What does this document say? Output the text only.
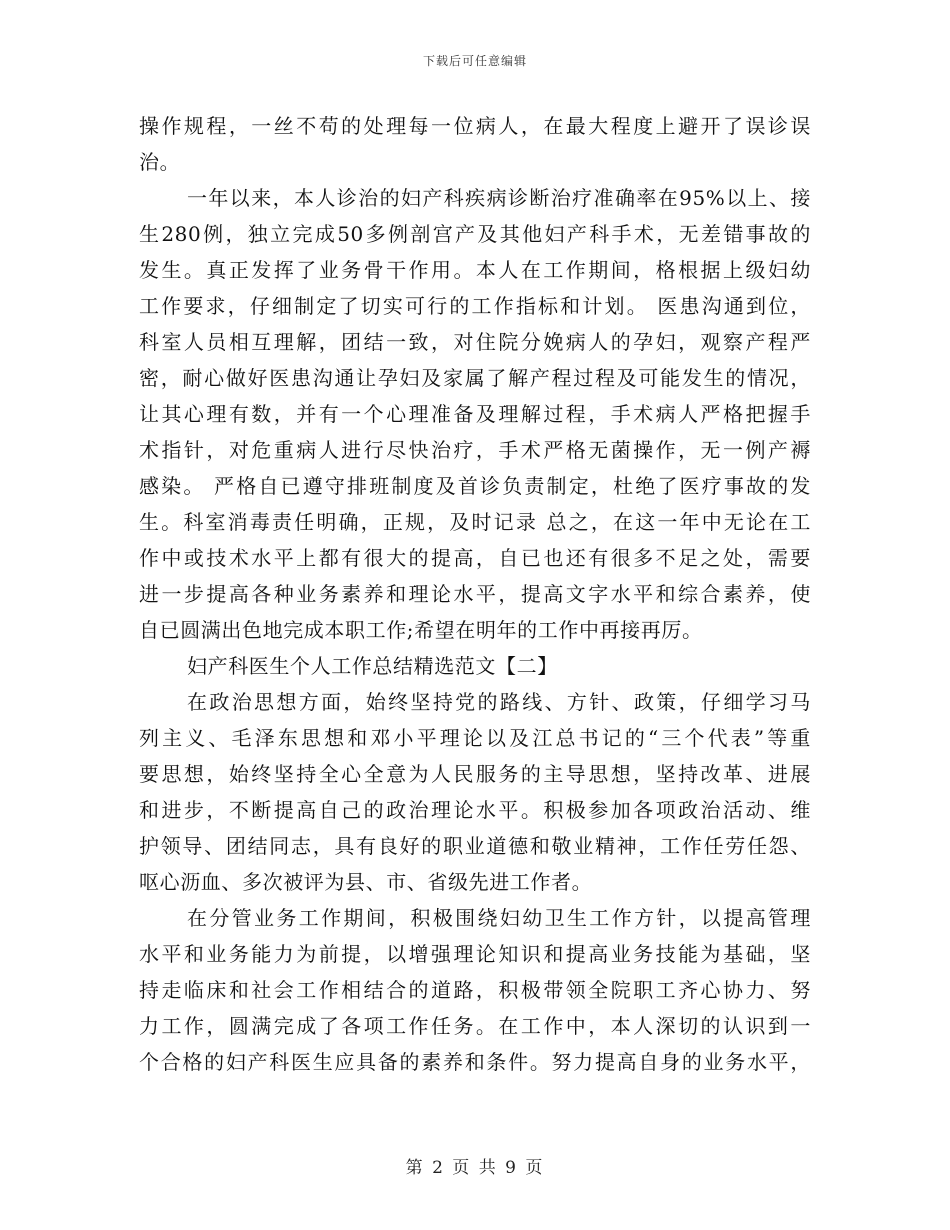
下载后可任意编辑
操作规程，一丝不苟的处理每一位病人，在最大程度上避开了误诊误
治。
一年以来，本人诊治的妇产科疾病诊断治疗准确率在95%以上、接
生280例，独立完成50多例剖宫产及其他妇产科手术，无差错事故的
发生。真正发挥了业务骨干作用。本人在工作期间，格根据上级妇幼
工作要求，仔细制定了切实可行的工作指标和计划。 医患沟通到位，
科室人员相互理解，团结一致，对住院分娩病人的孕妇，观察产程严
密，耐心做好医患沟通让孕妇及家属了解产程过程及可能发生的情况，
让其心理有数，并有一个心理准备及理解过程，手术病人严格把握手
术指针，对危重病人进行尽快治疗，手术严格无菌操作，无一例产褥
感染。 严格自已遵守排班制度及首诊负责制定，杜绝了医疗事故的发
生。科室消毒责任明确，正规，及时记录 总之，在这一年中无论在工
作中或技术水平上都有很大的提高，自已也还有很多不足之处，需要
进一步提高各种业务素养和理论水平，提高文字水平和综合素养，使
自已圆满出色地完成本职工作;希望在明年的工作中再接再厉。
妇产科医生个人工作总结精选范文【二】
在政治思想方面，始终坚持党的路线、方针、政策，仔细学习马
列主义、毛泽东思想和邓小平理论以及江总书记的“三个代表”等重
要思想，始终坚持全心全意为人民服务的主导思想，坚持改革、进展
和进步，不断提高自己的政治理论水平。积极参加各项政治活动、维
护领导、团结同志，具有良好的职业道德和敬业精神，工作任劳任怨、
呕心沥血、多次被评为县、市、省级先进工作者。
在分管业务工作期间，积极围绕妇幼卫生工作方针，以提高管理
水平和业务能力为前提，以增强理论知识和提高业务技能为基础，坚
持走临床和社会工作相结合的道路，积极带领全院职工齐心协力、努
力工作，圆满完成了各项工作任务。在工作中，本人深切的认识到一
个合格的妇产科医生应具备的素养和条件。努力提高自身的业务水平，
第 2 页 共 9 页
